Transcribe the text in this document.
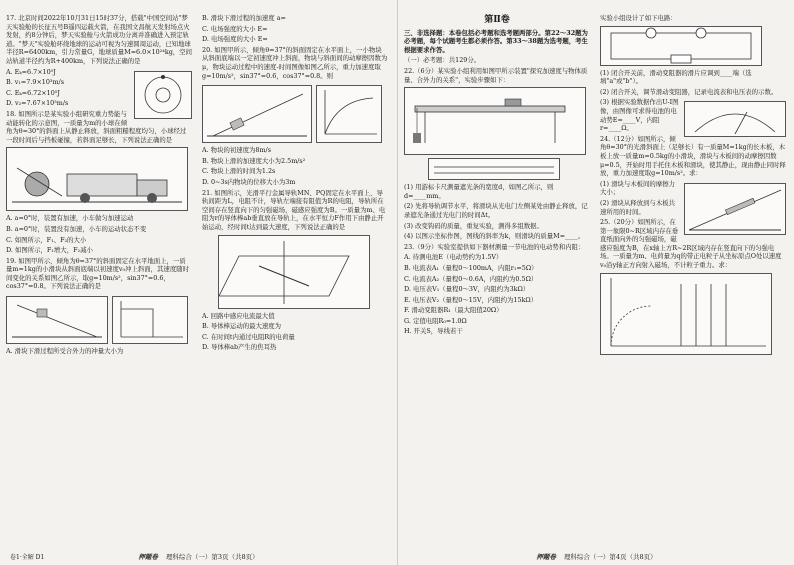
17. 北京时间2022年10月31日15时37分，搭载"中国空间站"梦天实验舱的长征五号B遥四运载火箭，在我国文昌航天发射场点火发射，约8分钟后，梦天实验舱与火箭成功分离并准确进入预定轨道。"梦天"实验舱环绕地球的运动可视为匀速圆周运动，已知地球半径R=6400km，引力常量G，地球质量M=6.0×10²⁴kg，空间站轨道半径约为R+400km，下列说法正确的是

A. Eₖ=6.7×10⁵J

B. v₁=7.9×10³m/s

C. Eₖ=6.72×10⁵J

D. v₂=7.67×10³m/s

18. 如图所示是某实验小组研究重力势能与动能转化的示意图，一质量为m的小球在倾角为θ=30°的斜面上从静止释放，斜面粗糙程度均匀，小球经过一段时间后与挡板碰撞，若斜面足够长，下列说法正确的是

A. a=0°时，装置有加速，小车做匀加速运动

B. a=0°时，装置没有加速，小车的运动状态不变

C. 如图所示，F₁、F₂的大小

D. 如图所示，F₁增大，F₂减小

19. 如图甲所示，倾角为θ=37°的斜面固定在水平地面上，一质量m=1kg的小滑块从斜面底端以初速度v₀冲上斜面，其速度随时间变化的关系如图乙所示，取g=10m/s²，sin37°=0.6，cos37°=0.8。下列说法正确的是

A. 滑块下滑过程所受合外力的冲量大小为

B. 滑块下滑过程的加速度 a=

C. 电场强度的大小 E=

D. 电场强度的大小 E=

20. 如图甲所示，倾角θ=37°的斜面固定在水平面上，一小物块从斜面底端以一定初速度冲上斜面，物块与斜面间的动摩擦因数为μ，物块运动过程中的速度-时间图像如图乙所示，重力加速度取g=10m/s²，sin37°=0.6，cos37°=0.8。则

A. 物块的初速度为8m/s

B. 物块上滑的加速度大小为2.5m/s²

C. 物块上滑的时间为1.2s

D. 0~3s内物块的位移大小为3m

21. 如图所示，光滑平行金属导轨MN、PQ固定在水平面上，导轨间距为L，电阻不计，导轨左端接有阻值为R的电阻，导轨所在空间存在竖直向下的匀强磁场，磁感应强度为B。一质量为m、电阻为r的导体棒ab垂直放在导轨上，在水平恒力F作用下由静止开始运动，经时间t达到最大速度，下列说法正确的是

A. 回路中感应电流最大值

B. 导体棒运动的最大速度为

C. 在时间t内通过电阻R的电荷量

D. 导体棒ab产生的焦耳热

卷1·全解 D1	押题卷 理科综合（一）第3页（共8页）
第Ⅱ卷

三、非选择题：本卷包括必考题和选考题两部分。第22～32题为必考题，每个试题考生都必须作答。第33～38题为选考题，考生根据要求作答。

（一）必考题：共129分。

22.（6分）某实验小组利用如图甲所示装置"探究加速度与物体质量、合外力的关系"，实验步骤如下：

(1) 用游标卡尺测量遮光条的宽度d，如图乙所示，则d=____mm。

(2) 先将导轨调节水平，将滑块从光电门左侧某处由静止释放，记录遮光条通过光电门的时间Δt。

(3) 改变钩码的质量，重复实验，测得多组数据。

(4) 以图示坐标作图，图线的斜率为k，则滑块的质量M=____。

23.（9分）实验室提供如下器材测量一节电池的电动势和内阻：

A. 待测电池E（电动势约为1.5V）

B. 电流表A₁（量程0～100mA，内阻r₁=5Ω）

C. 电流表A₂（量程0～0.6A，内阻约为0.5Ω）

D. 电压表V₁（量程0～3V，内阻约为3kΩ）

E. 电压表V₂（量程0～15V，内阻约为15kΩ）

F. 滑动变阻器R₁（最大阻值20Ω）

G. 定值电阻R₀=1.0Ω

H. 开关S，导线若干

实验小组设计了如下电路：

(1) 闭合开关前，滑动变阻器的滑片应调到____端（选填"a"或"b"）。

(2) 闭合开关，调节滑动变阻器，记录电流表和电压表的示数。

(3) 根据实验数据作出U-I图像，由图像可求得电池的电动势E=____V，内阻r=____Ω。

24.（12分）如图所示，倾角θ=30°的光滑斜面上（足够长）有一质量M=1kg的长木板，木板上放一质量m=0.5kg的小滑块，滑块与木板间的动摩擦因数μ=0.5，开始时用手托住木板和滑块，使其静止，现由静止同时释放，重力加速度取g=10m/s²。求：

(1) 滑块与木板间的摩擦力大小；

(2) 滑块从释放到与木板共速所用的时间。

25.（20分）如图所示，在第一象限0~R区域内存在垂直纸面向外的匀强磁场，磁感应强度为B，在x轴上方R~2R区域内存在竖直向下的匀强电场。一质量为m、电荷量为q的带正电粒子从坐标原点O处以速度v₀沿y轴正方向射入磁场，不计粒子重力。求：

押题卷 理科综合（一）第4页（共8页）
